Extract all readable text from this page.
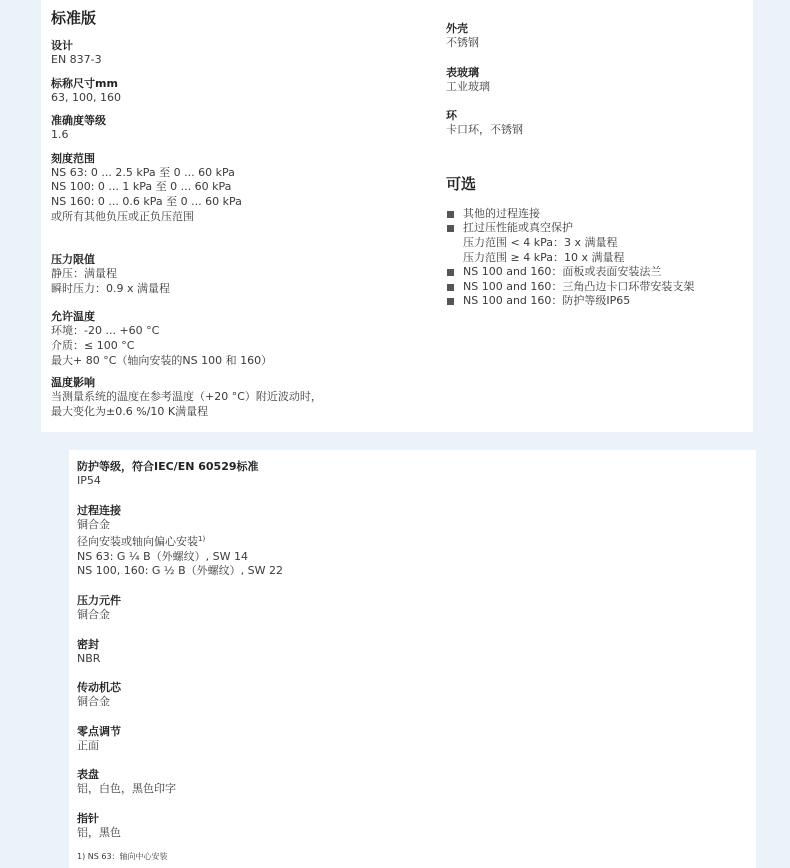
标准版
设计
EN 837-3
标称尺寸mm
63, 100, 160
准确度等级
1.6
刻度范围
NS 63: 0 ... 2.5 kPa 至 0 ... 60 kPa
NS 100: 0 ... 1 kPa 至 0 ... 60 kPa
NS 160: 0 ... 0.6 kPa 至 0 ... 60 kPa
或所有其他负压或正负压范围
压力限值
静压：满量程
瞬时压力：0.9 x 满量程
允许温度
环境：-20 ... +60 °C
介质：≤ 100 °C
最大+ 80 °C（轴向安装的NS 100 和 160）
温度影响
当测量系统的温度在参考温度（+20 °C）附近波动时，
最大变化为±0.6 %/10 K满量程
外壳
不锈钢
表玻璃
工业玻璃
环
卡口环，不锈钢
可选
其他的过程连接
扛过压性能或真空保护
压力范围 < 4 kPa：3 x 满量程
压力范围 ≥ 4 kPa：10 x 满量程
NS 100 and 160：面板或表面安装法兰
NS 100 and 160：三角凸边卡口环带安装支架
NS 100 and 160：防护等级IP65
防护等级，符合IEC/EN 60529标准
IP54
过程连接
铜合金
径向安装或轴向偏心安装$^{1)}$
NS 63: G ¼ B（外螺纹）, SW 14
NS 100, 160: G ½ B（外螺纹）, SW 22
压力元件
铜合金
密封
NBR
传动机芯
铜合金
零点调节
正面
表盘
铝，白色，黑色印字
指针
铝，黑色
1) NS 63：轴向中心安装
